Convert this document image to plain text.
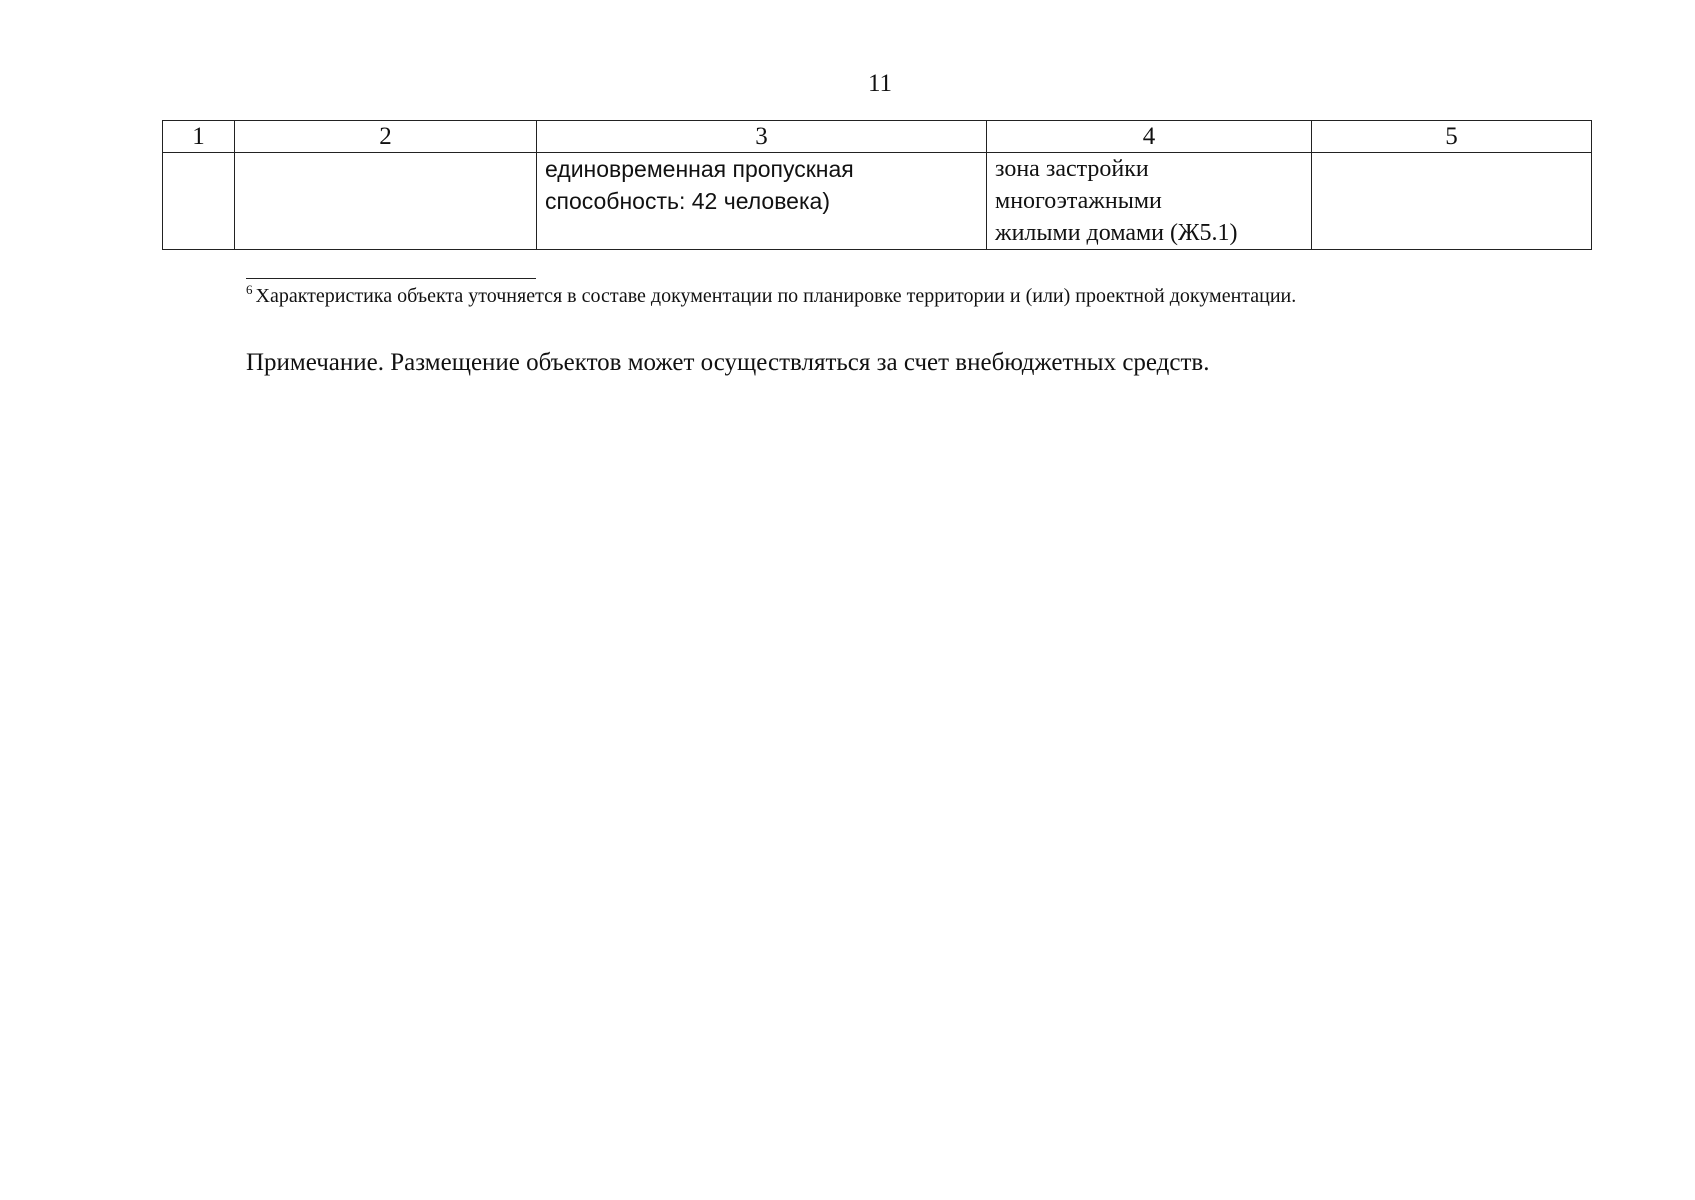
11
1	2	3	4	5

		единовременная пропускная
способность: 42 человека)	зона застройки
многоэтажными
жилыми домами (Ж5.1)	

$^6$ Характеристика объекта уточняется в составе документации по планировке территории и (или) проектной документации.
Примечание. Размещение объектов может осуществляться за счет внебюджетных средств.
